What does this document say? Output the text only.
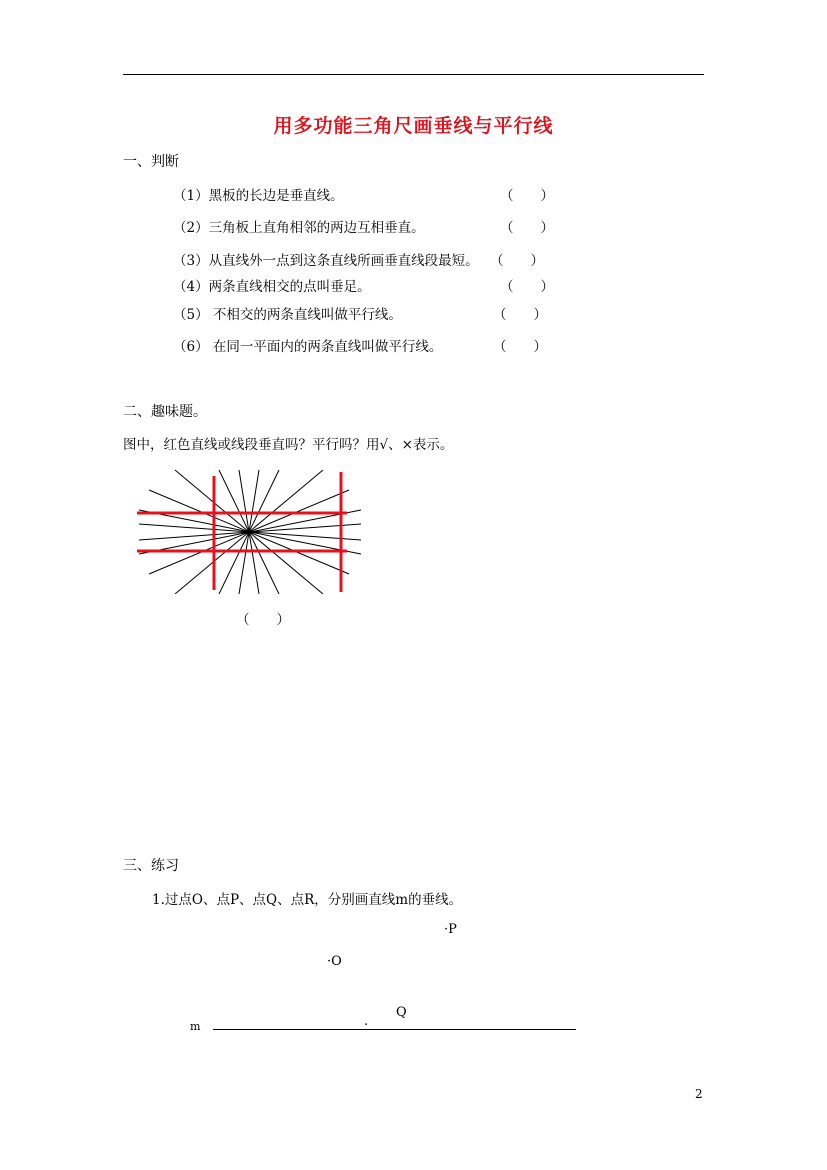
用多功能三角尺画垂线与平行线
一、判断
（1）黑板的长边是垂直线。	（　　）
（2）三角板上直角相邻的两边互相垂直。	（　　）
（3）从直线外一点到这条直线所画垂直线段最短。 （　　）
（4）两条直线相交的点叫垂足。	（　　）
（5） 不相交的两条直线叫做平行线。	（　　）
（6） 在同一平面内的两条直线叫做平行线。	（　　）
二、趣味题。
图中，红色直线或线段垂直吗？平行吗？用√、×表示。
（　　）
三、练习
1.过点O、点P、点Q、点R，分别画直线m的垂线。
·P
·O
Q
.
m
2
